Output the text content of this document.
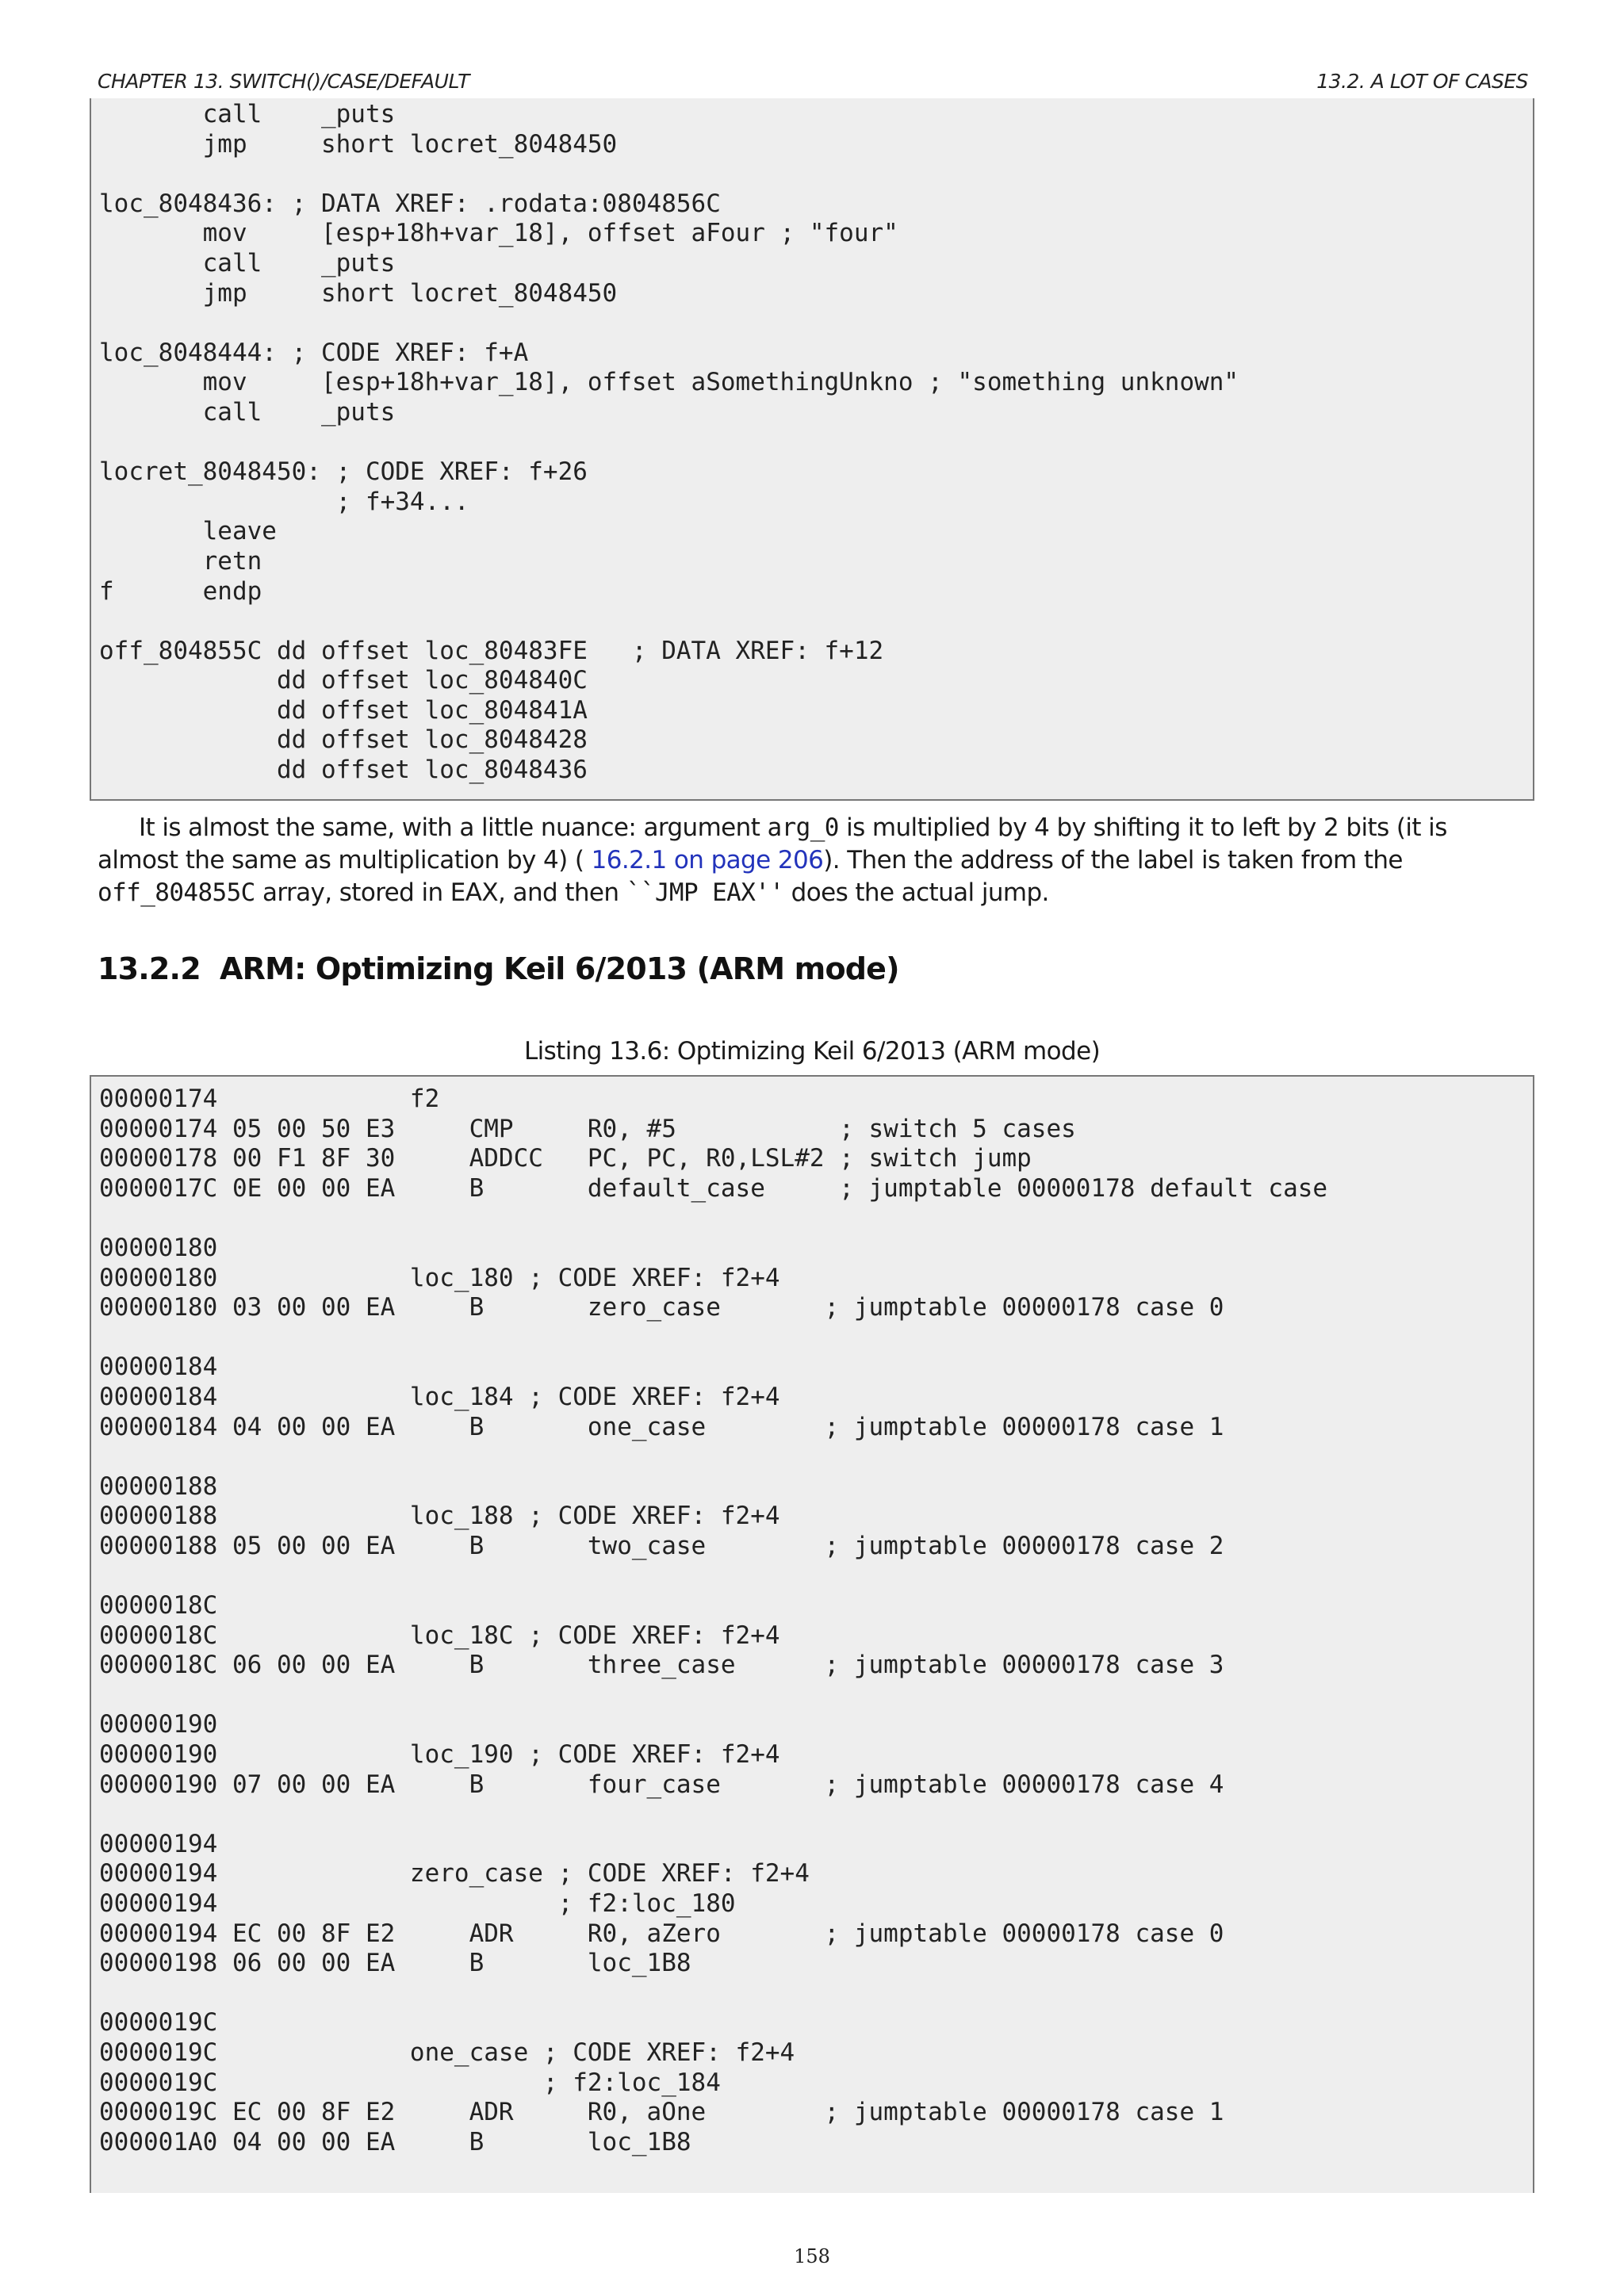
CHAPTER 13. SWITCH()/CASE/DEFAULT	13.2. A LOT OF CASES
call    _puts
jmp     short locret_8048450
loc_8048436: ; DATA XREF: .rodata:0804856C
mov     [esp+18h+var_18], offset aFour ; "four"
call    _puts
jmp     short locret_8048450
loc_8048444: ; CODE XREF: f+A
mov     [esp+18h+var_18], offset aSomethingUnkno ; "something unknown"
call    _puts
locret_8048450: ; CODE XREF: f+26
; f+34...
leave
retn
f      endp
off_804855C dd offset loc_80483FE   ; DATA XREF: f+12
dd offset loc_804840C
dd offset loc_804841A
dd offset loc_8048428
dd offset loc_8048436
It is almost the same, with a little nuance: argument arg_0 is multiplied by 4 by shifting it to left by 2 bits (it is almost the same as multiplication by 4) ( 16.2.1 on page 206). Then the address of the label is taken from the off_804855C array, stored in EAX, and then ``JMP EAX'' does the actual jump.
13.2.2 ARM: Optimizing Keil 6/2013 (ARM mode)
Listing 13.6: Optimizing Keil 6/2013 (ARM mode)
00000174             f2
00000174 05 00 50 E3     CMP     R0, #5           ; switch 5 cases
00000178 00 F1 8F 30     ADDCC   PC, PC, R0,LSL#2 ; switch jump
0000017C 0E 00 00 EA     B       default_case     ; jumptable 00000178 default case
00000180
00000180             loc_180 ; CODE XREF: f2+4
00000180 03 00 00 EA     B       zero_case       ; jumptable 00000178 case 0
00000184
00000184             loc_184 ; CODE XREF: f2+4
00000184 04 00 00 EA     B       one_case        ; jumptable 00000178 case 1
00000188
00000188             loc_188 ; CODE XREF: f2+4
00000188 05 00 00 EA     B       two_case        ; jumptable 00000178 case 2
0000018C
0000018C             loc_18C ; CODE XREF: f2+4
0000018C 06 00 00 EA     B       three_case      ; jumptable 00000178 case 3
00000190
00000190             loc_190 ; CODE XREF: f2+4
00000190 07 00 00 EA     B       four_case       ; jumptable 00000178 case 4
00000194
00000194             zero_case ; CODE XREF: f2+4
00000194                       ; f2:loc_180
00000194 EC 00 8F E2     ADR     R0, aZero       ; jumptable 00000178 case 0
00000198 06 00 00 EA     B       loc_1B8
0000019C
0000019C             one_case ; CODE XREF: f2+4
0000019C                      ; f2:loc_184
0000019C EC 00 8F E2     ADR     R0, aOne        ; jumptable 00000178 case 1
000001A0 04 00 00 EA     B       loc_1B8
158
